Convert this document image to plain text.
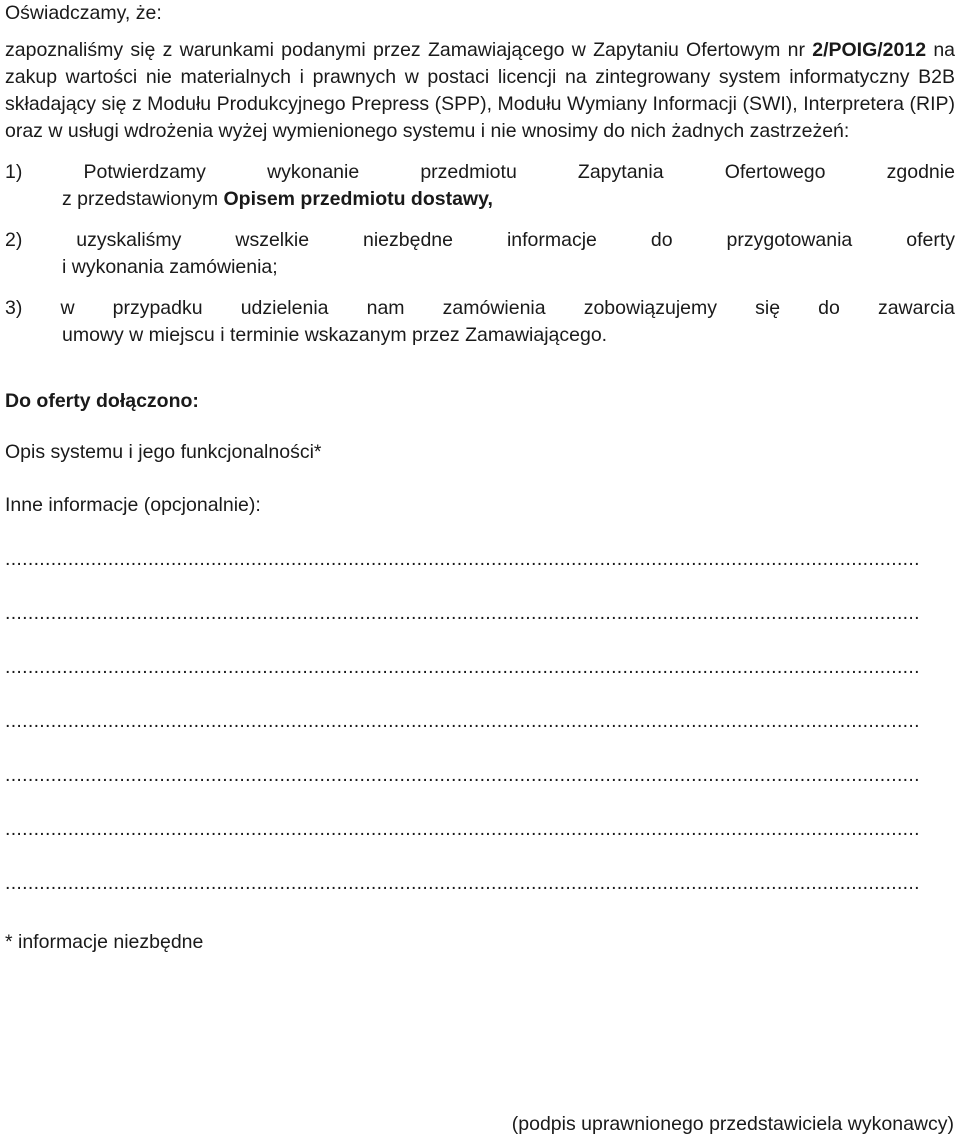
Oświadczamy, że:

zapoznaliśmy się z warunkami podanymi przez Zamawiającego w Zapytaniu Ofertowym nr 2/POIG/2012 na zakup wartości nie materialnych i prawnych w postaci licencji na zintegrowany system informatyczny B2B składający się z Modułu Produkcyjnego Prepress (SPP), Modułu Wymiany Informacji (SWI), Interpretera (RIP) oraz w usługi wdrożenia wyżej wymienionego systemu i nie wnosimy do nich żadnych zastrzeżeń:
1)	Potwierdzamy	wykonanie	przedmiotu	Zapytania	Ofertowego	zgodnie
z przedstawionym Opisem przedmiotu dostawy,
2)	uzyskaliśmy	wszelkie	niezbędne	informacje	do	przygotowania	oferty
i wykonania zamówienia;
3) w przypadku udzielenia nam zamówienia zobowiązujemy się do zawarcia
umowy w miejscu i terminie wskazanym przez Zamawiającego.
Do oferty dołączono:
Opis systemu i jego funkcjonalności*
Inne informacje (opcjonalnie):
................................................................................................................................................................
................................................................................................................................................................
................................................................................................................................................................
................................................................................................................................................................
................................................................................................................................................................
................................................................................................................................................................
................................................................................................................................................................
* informacje niezbędne
(podpis uprawnionego przedstawiciela wykonawcy)
